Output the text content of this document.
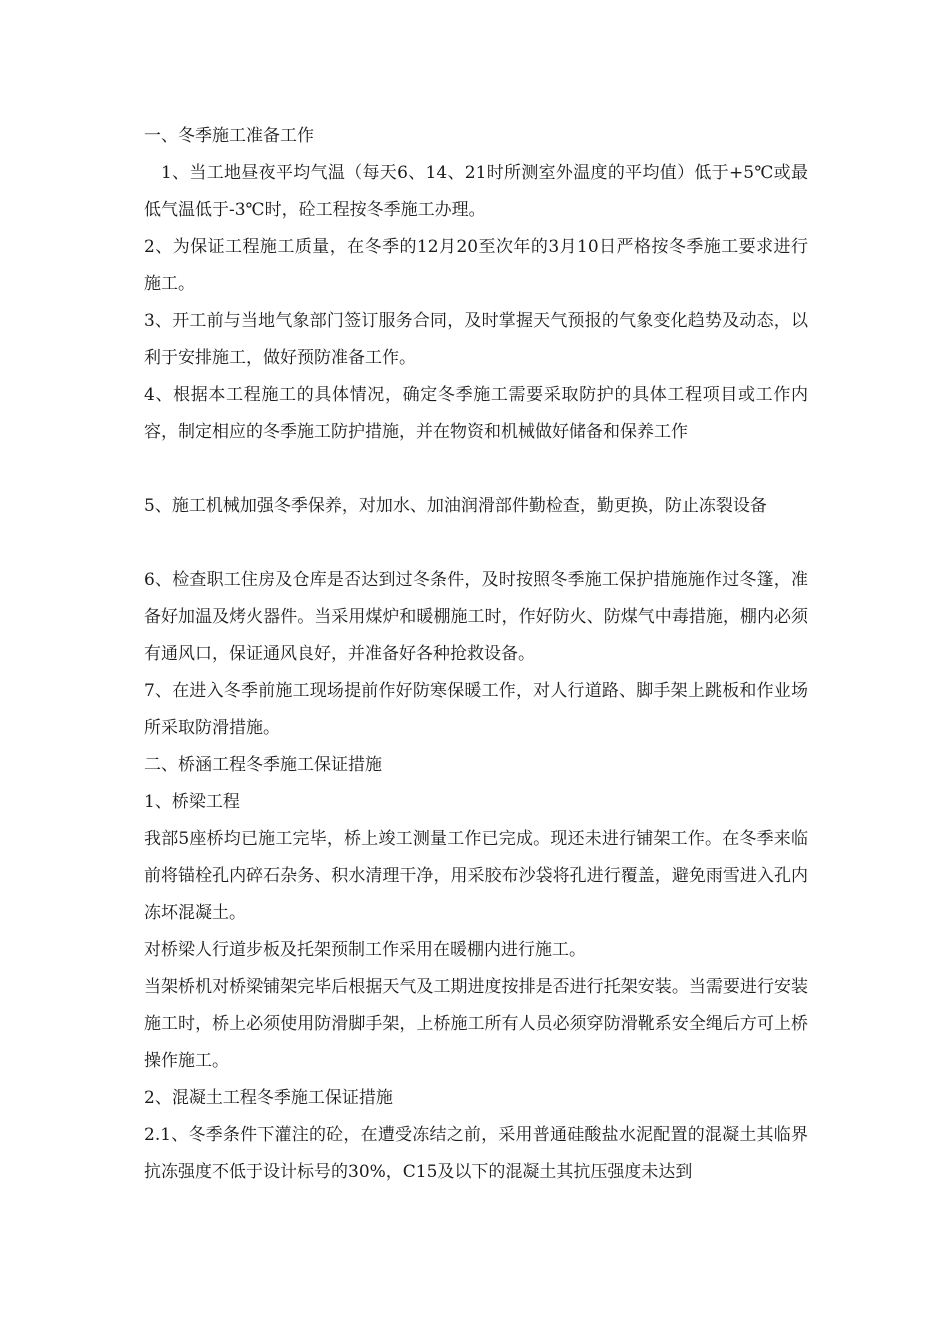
一、冬季施工准备工作

1、当工地昼夜平均气温（每天6、14、21时所测室外温度的平均值）低于+5℃或最低气温低于-3℃时，砼工程按冬季施工办理。

2、为保证工程施工质量，在冬季的12月20至次年的3月10日严格按冬季施工要求进行施工。

3、开工前与当地气象部门签订服务合同，及时掌握天气预报的气象变化趋势及动态，以利于安排施工，做好预防准备工作。

4、根据本工程施工的具体情况，确定冬季施工需要采取防护的具体工程项目或工作内容，制定相应的冬季施工防护措施，并在物资和机械做好储备和保养工作

5、施工机械加强冬季保养，对加水、加油润滑部件勤检查，勤更换，防止冻裂设备

6、检查职工住房及仓库是否达到过冬条件，及时按照冬季施工保护措施施作过冬篷，准备好加温及烤火器件。当采用煤炉和暖棚施工时，作好防火、防煤气中毒措施，棚内必须有通风口，保证通风良好，并准备好各种抢救设备。

7、在进入冬季前施工现场提前作好防寒保暖工作，对人行道路、脚手架上跳板和作业场所采取防滑措施。

二、桥涵工程冬季施工保证措施

1、桥梁工程

我部5座桥均已施工完毕，桥上竣工测量工作已完成。现还未进行铺架工作。在冬季来临前将锚栓孔内碎石杂务、积水清理干净，用采胶布沙袋将孔进行覆盖，避免雨雪进入孔内冻坏混凝土。

对桥梁人行道步板及托架预制工作采用在暖棚内进行施工。

当架桥机对桥梁铺架完毕后根据天气及工期进度按排是否进行托架安装。当需要进行安装施工时，桥上必须使用防滑脚手架，上桥施工所有人员必须穿防滑靴系安全绳后方可上桥操作施工。

2、混凝土工程冬季施工保证措施

2.1、冬季条件下灌注的砼，在遭受冻结之前，采用普通硅酸盐水泥配置的混凝土其临界抗冻强度不低于设计标号的30%，C15及以下的混凝土其抗压强度未达到
